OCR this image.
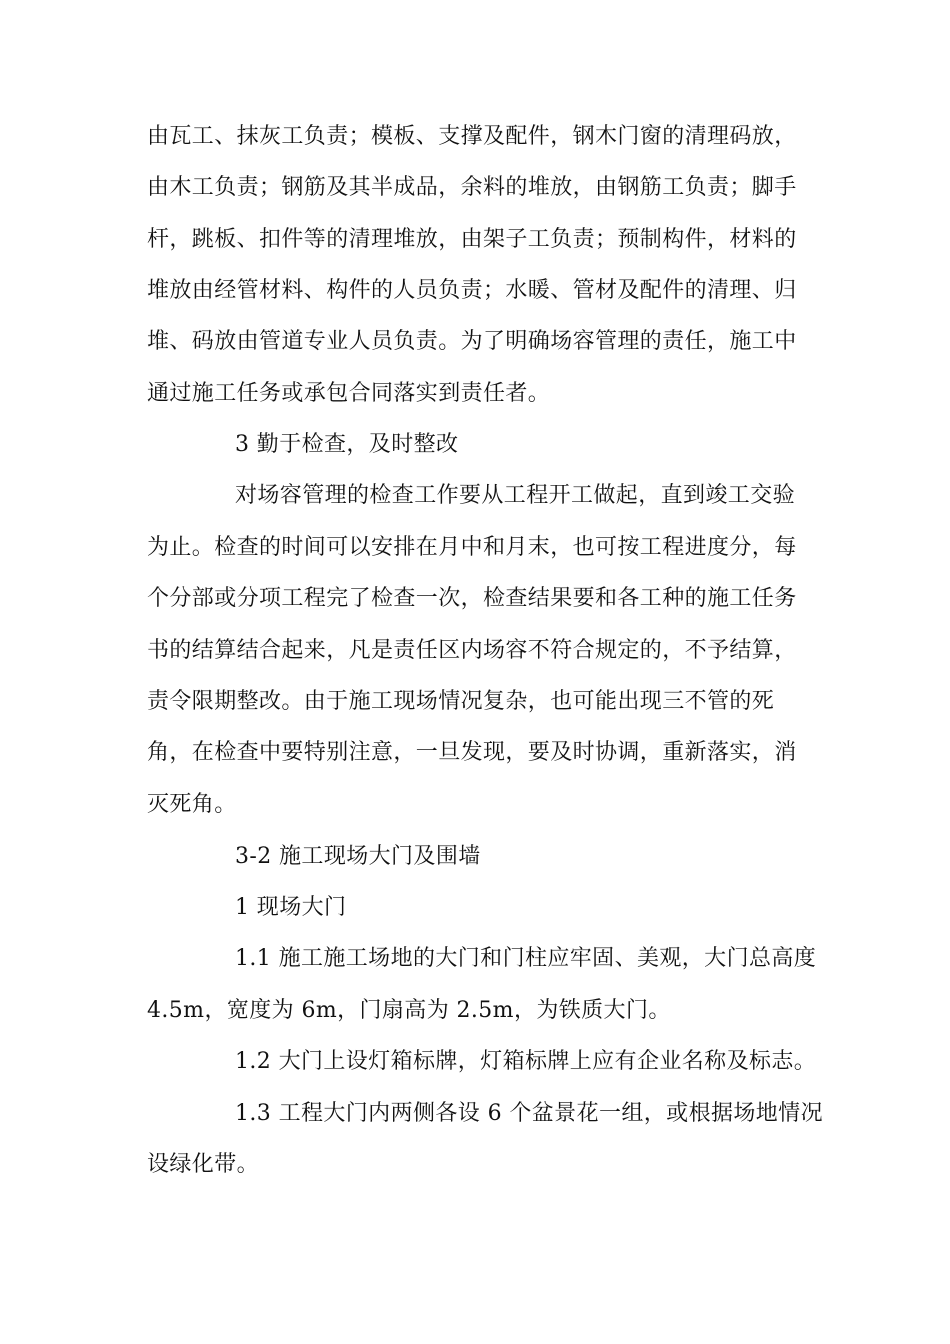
由瓦工、抹灰工负责；模板、支撑及配件，钢木门窗的清理码放，
由木工负责；钢筋及其半成品，余料的堆放，由钢筋工负责；脚手
杆，跳板、扣件等的清理堆放，由架子工负责；预制构件，材料的
堆放由经管材料、构件的人员负责；水暖、管材及配件的清理、归
堆、码放由管道专业人员负责。为了明确场容管理的责任，施工中
通过施工任务或承包合同落实到责任者。
3 勤于检查，及时整改
对场容管理的检查工作要从工程开工做起，直到竣工交验
为止。检查的时间可以安排在月中和月末，也可按工程进度分，每
个分部或分项工程完了检查一次，检查结果要和各工种的施工任务
书的结算结合起来，凡是责任区内场容不符合规定的，不予结算，
责令限期整改。由于施工现场情况复杂，也可能出现三不管的死
角，在检查中要特别注意，一旦发现，要及时协调，重新落实，消
灭死角。
3-2 施工现场大门及围墙
1 现场大门
1.1 施工施工场地的大门和门柱应牢固、美观，大门总高度
4.5m，宽度为 6m，门扇高为 2.5m，为铁质大门。
1.2 大门上设灯箱标牌，灯箱标牌上应有企业名称及标志。
1.3 工程大门内两侧各设 6 个盆景花一组，或根据场地情况
设绿化带。
